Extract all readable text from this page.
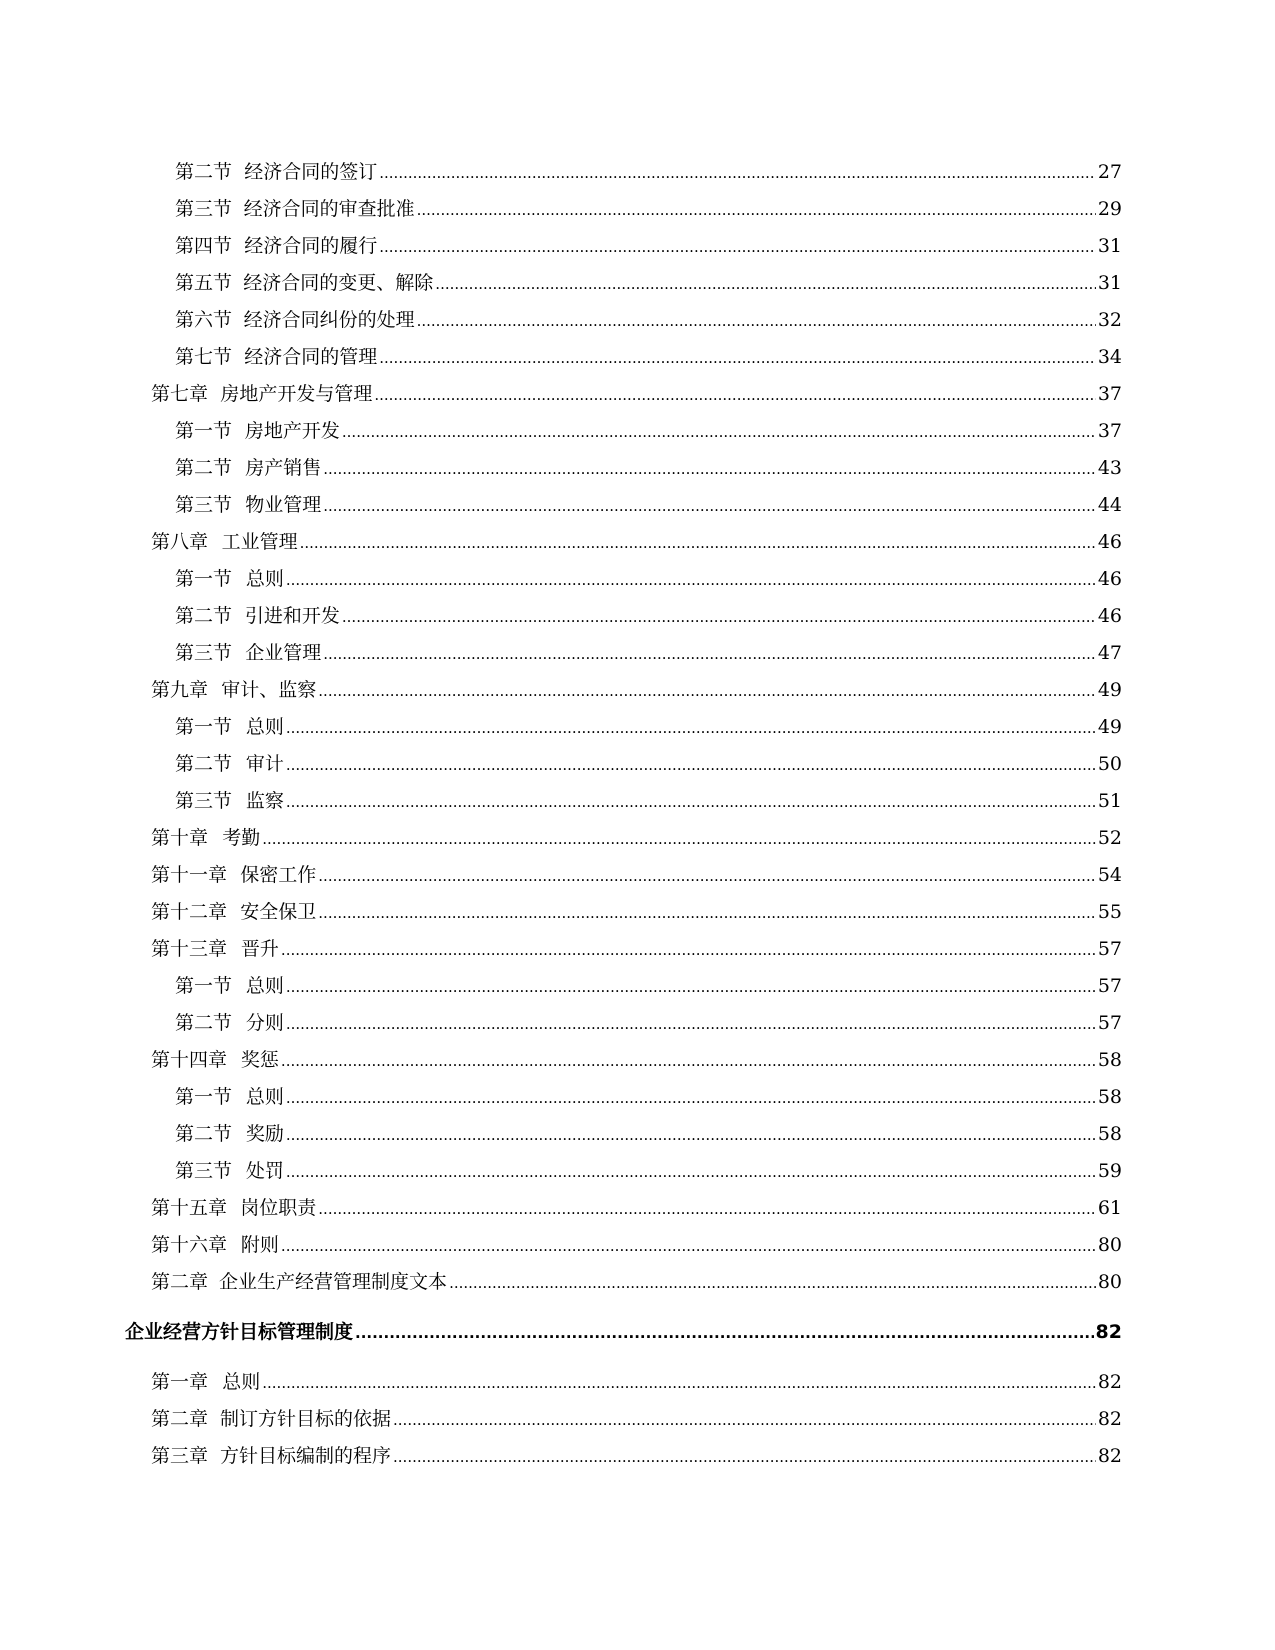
第二节 经济合同的签订 .....	27
第三节 经济合同的审查批准 .....	29
第四节 经济合同的履行 .....	31
第五节 经济合同的变更、解除 .....	31
第六节 经济合同纠份的处理 .....	32
第七节 经济合同的管理 .....	34
第七章 房地产开发与管理 .....	37
第一节 房地产开发 .....	37
第二节 房产销售 .....	43
第三节 物业管理 .....	44
第八章 工业管理 .....	46
第一节 总则 .....	46
第二节 引进和开发 .....	46
第三节 企业管理 .....	47
第九章 审计、监察 .....	49
第一节 总则 .....	49
第二节 审计 .....	50
第三节 监察 .....	51
第十章 考勤 .....	52
第十一章 保密工作 .....	54
第十二章 安全保卫 .....	55
第十三章 晋升 .....	57
第一节 总则 .....	57
第二节 分则 .....	57
第十四章 奖惩 .....	58
第一节 总则 .....	58
第二节 奖励 .....	58
第三节 处罚 .....	59
第十五章 岗位职责 .....	61
第十六章 附则 .....	80
第二章 企业生产经营管理制度文本 .....	80
企业经营方针目标管理制度 .....	82
第一章 总则 .....	82
第二章 制订方针目标的依据 .....	82
第三章 方针目标编制的程序 .....	82
